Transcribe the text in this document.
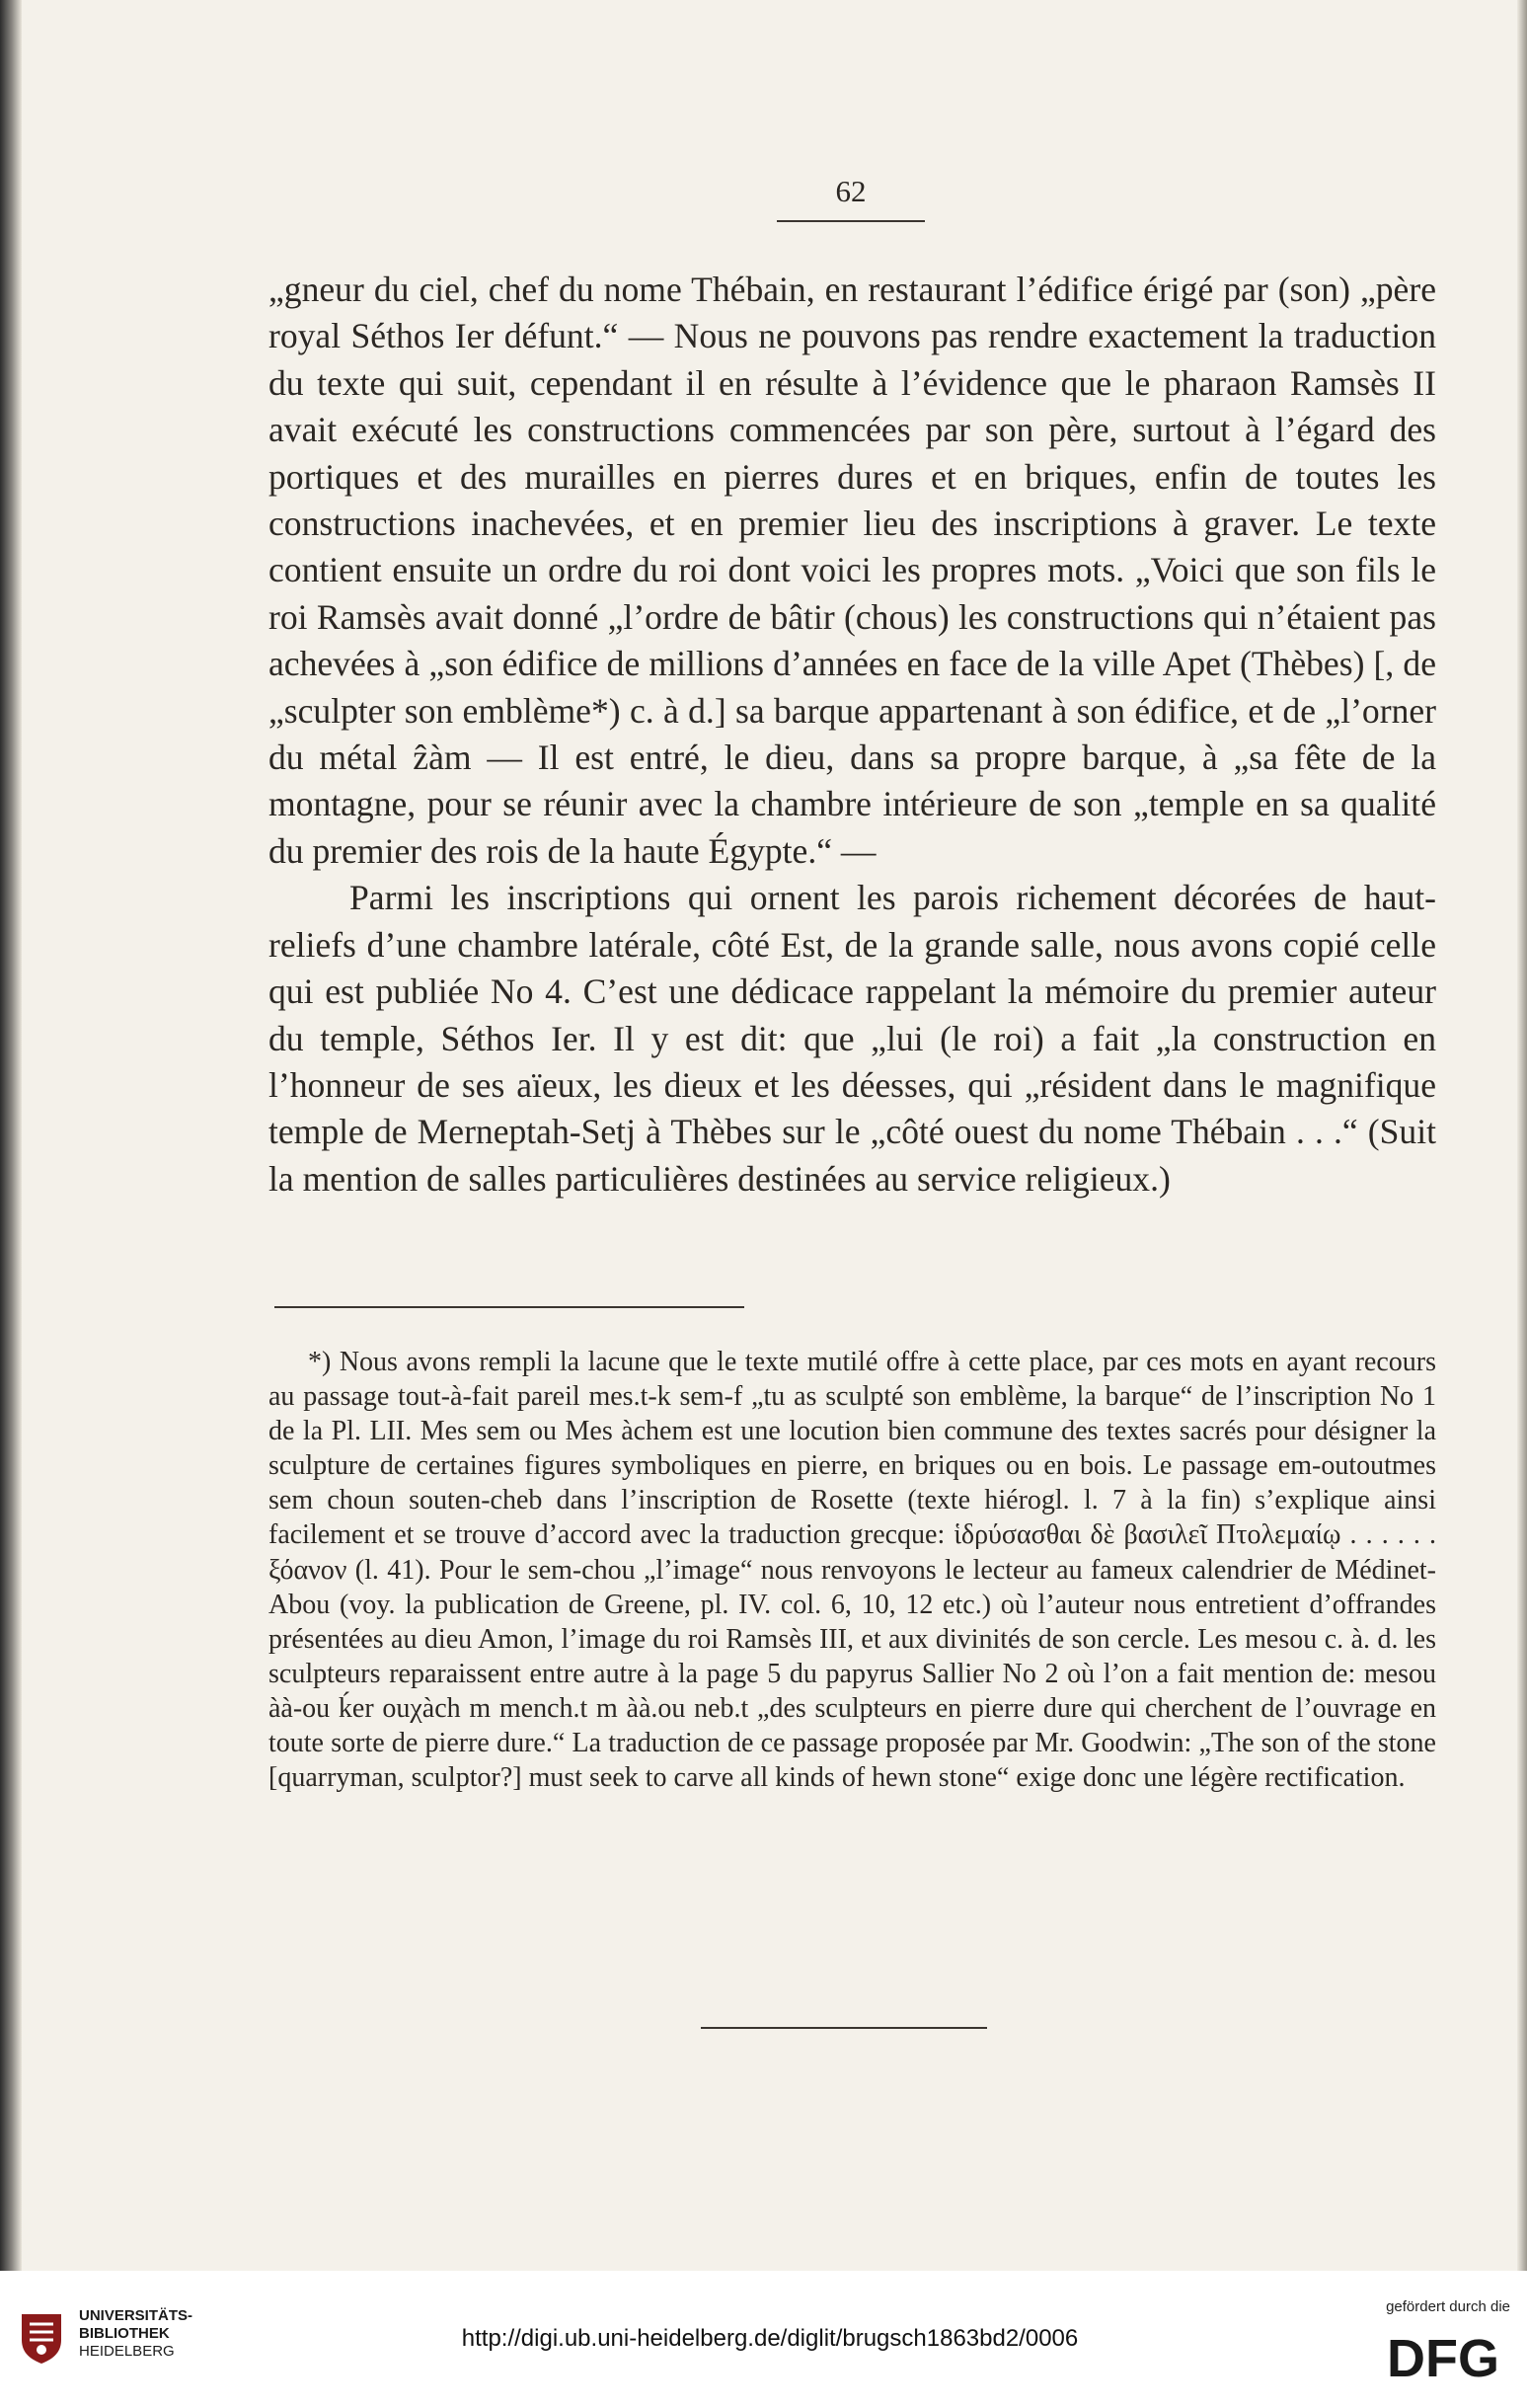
62

„gneur du ciel, chef du nome Thébain, en restaurant l’édifice érigé par (son) „père royal Séthos Ier défunt.“ — Nous ne pouvons pas rendre exactement la traduction du texte qui suit, cependant il en résulte à l’évidence que le pharaon Ramsès II avait exécuté les constructions commencées par son père, surtout à l’égard des portiques et des murailles en pierres dures et en briques, enfin de toutes les constructions inachevées, et en premier lieu des inscriptions à graver. Le texte contient ensuite un ordre du roi dont voici les propres mots. „Voici que son fils le roi Ramsès avait donné „l’ordre de bâtir (chous) les constructions qui n’étaient pas achevées à „son édifice de millions d’années en face de la ville Apet (Thèbes) [, de „sculpter son emblème*) c. à d.] sa barque appartenant à son édifice, et de „l’orner du métal ẑàm — Il est entré, le dieu, dans sa propre barque, à „sa fête de la montagne, pour se réunir avec la chambre intérieure de son „temple en sa qualité du premier des rois de la haute Égypte.“ —

Parmi les inscriptions qui ornent les parois richement décorées de haut-reliefs d’une chambre latérale, côté Est, de la grande salle, nous avons copié celle qui est publiée No 4. C’est une dédicace rappelant la mémoire du premier auteur du temple, Séthos Ier. Il y est dit: que „lui (le roi) a fait „la construction en l’honneur de ses aïeux, les dieux et les déesses, qui „résident dans le magnifique temple de Merneptah-Setj à Thèbes sur le „côté ouest du nome Thébain . . .“ (Suit la mention de salles particulières destinées au service religieux.)

*) Nous avons rempli la lacune que le texte mutilé offre à cette place, par ces mots en ayant recours au passage tout-à-fait pareil mes.t-k sem-f „tu as sculpté son emblème, la barque“ de l’inscription No 1 de la Pl. LII. Mes sem ou Mes àchem est une locution bien commune des textes sacrés pour désigner la sculpture de certaines figures symboliques en pierre, en briques ou en bois. Le passage em-outoutmes sem choun souten-cheb dans l’inscription de Rosette (texte hiérogl. l. 7 à la fin) s’explique ainsi facilement et se trouve d’accord avec la traduction grecque: ἱδρύσασθαι δὲ βασιλεῖ Πτολεμαίῳ . . . . . . ξόανον (l. 41). Pour le sem-chou „l’image“ nous renvoyons le lecteur au fameux calendrier de Médinet-Abou (voy. la publication de Greene, pl. IV. col. 6, 10, 12 etc.) où l’auteur nous entretient d’offrandes présentées au dieu Amon, l’image du roi Ramsès III, et aux divinités de son cercle. Les mesou c. à. d. les sculpteurs reparaissent entre autre à la page 5 du papyrus Sallier No 2 où l’on a fait mention de: mesou àà-ou ḱer ouχàch m mench.t m àà.ou neb.t „des sculpteurs en pierre dure qui cherchent de l’ouvrage en toute sorte de pierre dure.“ La traduction de ce passage proposée par Mr. Goodwin: „The son of the stone [quarryman, sculptor?] must seek to carve all kinds of hewn stone“ exige donc une légère rectification.

UNIVERSITÄTS-
BIBLIOTHEK
HEIDELBERG	http://digi.ub.uni-heidelberg.de/diglit/brugsch1863bd2/0006
gefördert durch die
DFG
